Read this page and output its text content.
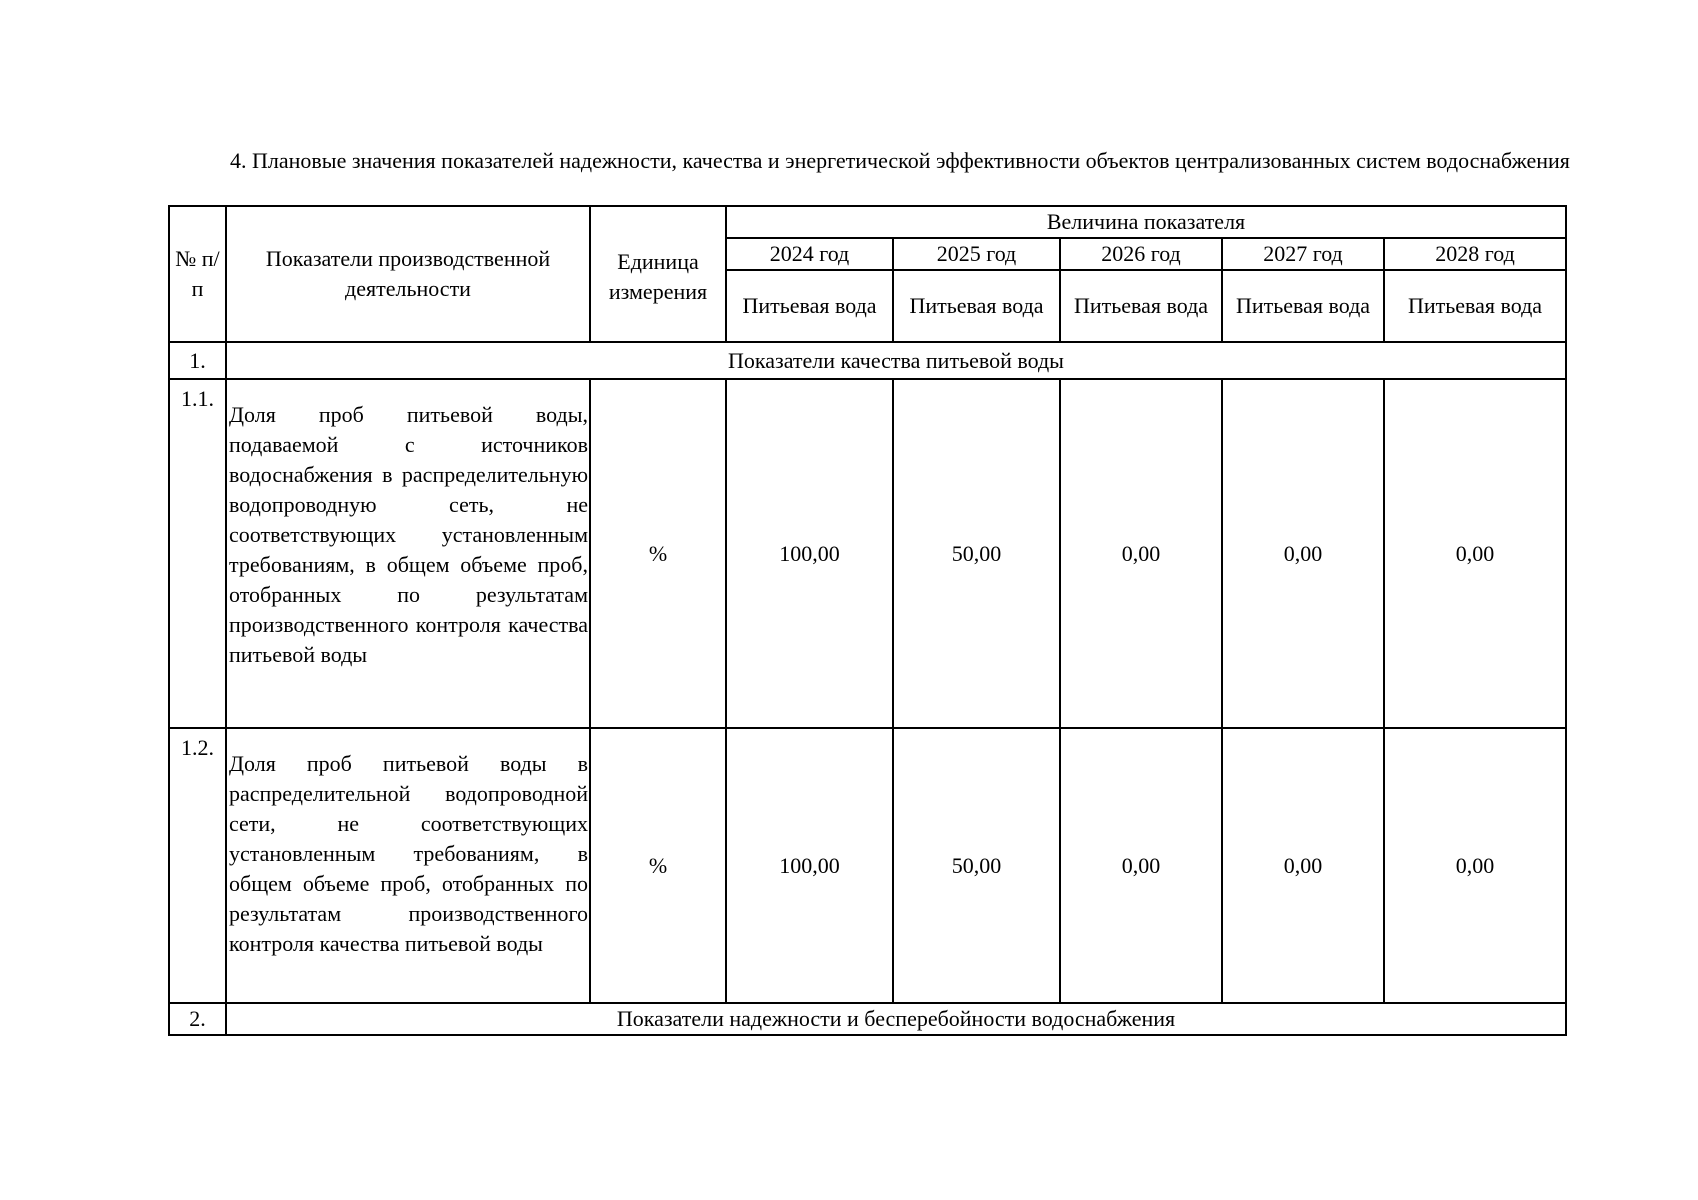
4. Плановые значения показателей надежности, качества и энергетической эффективности объектов централизованных систем водоснабжения

№ п/п	Показатели производственной деятельности	Единица измерения	Величина показателя				
			2024 год	2025 год	2026 год	2027 год	2028 год
			Питьевая вода	Питьевая вода	Питьевая вода	Питьевая вода	Питьевая вода
1.	Показатели качества питьевой воды						
1.1.	Доля проб питьевой воды, подаваемой с источников водоснабжения в распределительную водопроводную сеть, не соответствующих установленным требованиям, в общем объеме проб, отобранных по результатам производственного контроля качества питьевой воды	%	100,00	50,00	0,00	0,00	0,00
1.2.	Доля проб питьевой воды в распределительной водопроводной сети, не соответствующих установленным требованиям, в общем объеме проб, отобранных по результатам производственного контроля качества питьевой воды	%	100,00	50,00	0,00	0,00	0,00
2.	Показатели надежности и бесперебойности водоснабжения						
